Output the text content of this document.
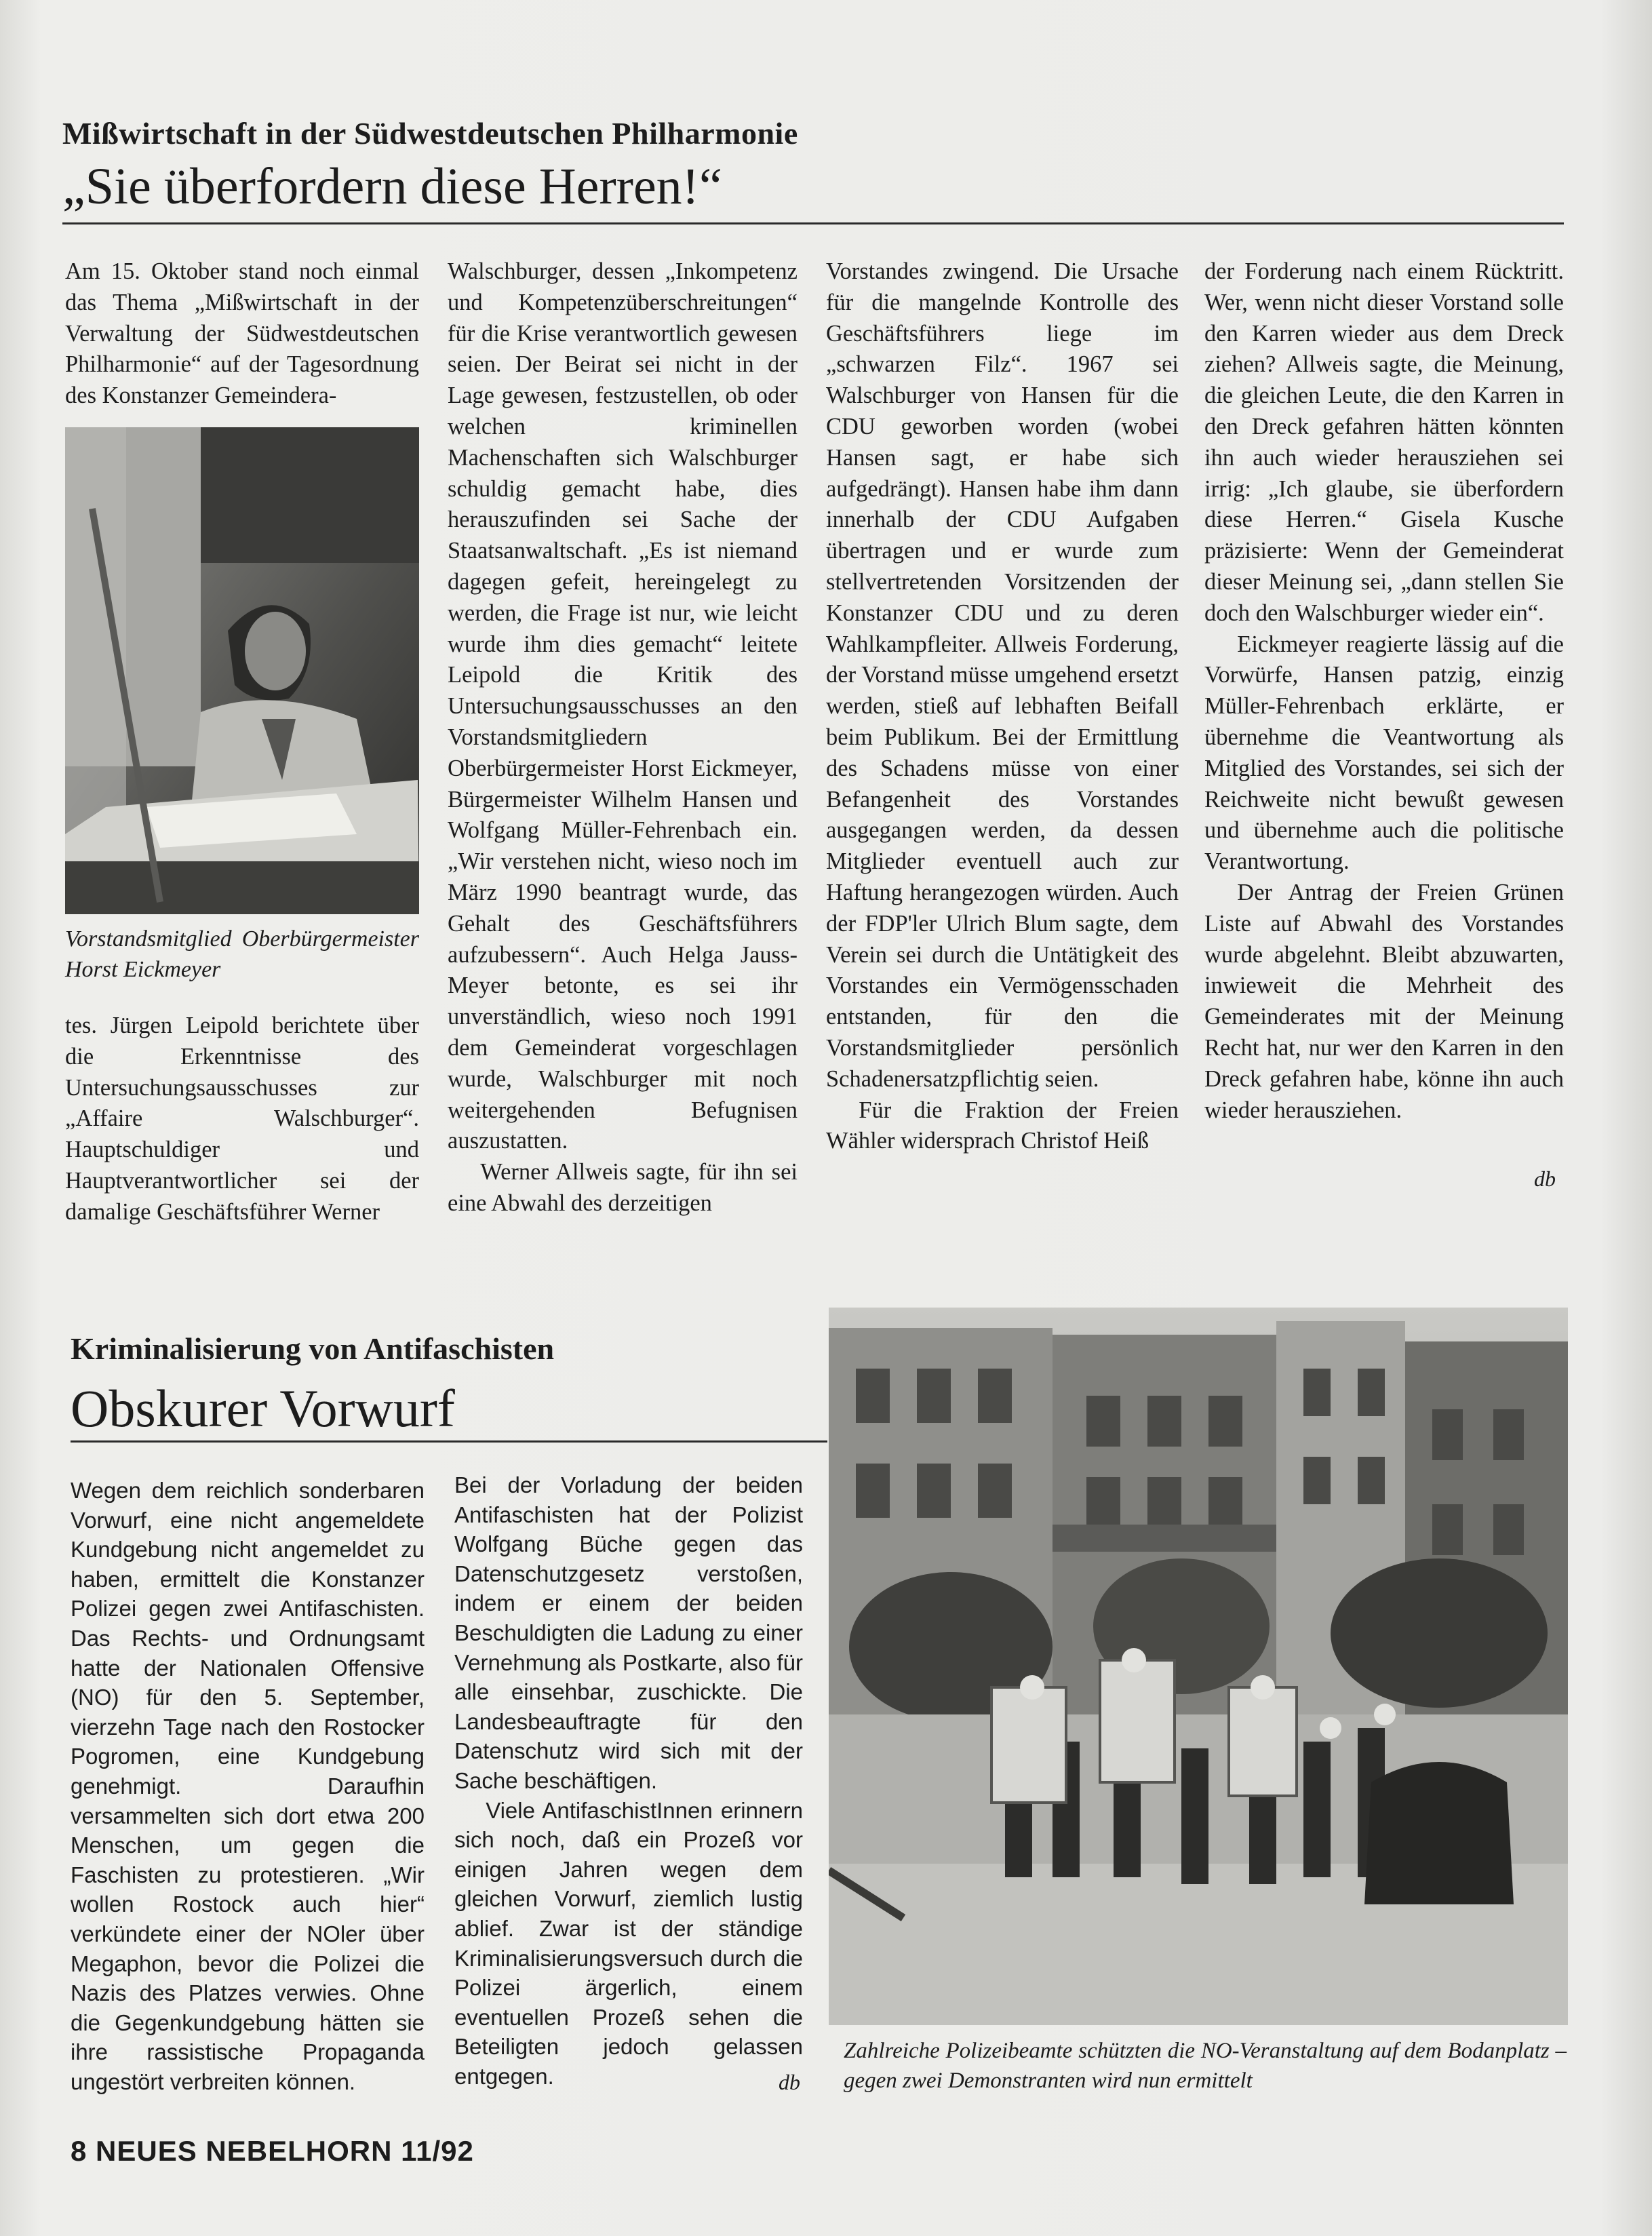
Mißwirtschaft in der Südwestdeutschen Philharmonie
„Sie überfordern diese Herren!“

Am 15. Oktober stand noch einmal das Thema „Mißwirtschaft in der Verwaltung der Südwestdeutschen Philharmonie“ auf der Tagesordnung des Konstanzer Gemeindera-

Vorstandsmitglied Oberbürgermeister Horst Eickmeyer

tes. Jürgen Leipold berichtete über die Erkenntnisse des Untersuchungsausschusses zur „Affaire Walschburger“. Hauptschuldiger und Hauptverantwortlicher sei der damalige Geschäftsführer Werner

Walschburger, dessen „Inkompetenz und Kompetenzüberschreitungen“ für die Krise verantwortlich gewesen seien. Der Beirat sei nicht in der Lage gewesen, festzustellen, ob oder welchen kriminellen Machenschaften sich Walschburger schuldig gemacht habe, dies herauszufinden sei Sache der Staatsanwaltschaft. „Es ist niemand dagegen gefeit, hereingelegt zu werden, die Frage ist nur, wie leicht wurde ihm dies gemacht“ leitete Leipold die Kritik des Untersuchungsausschusses an den Vorstandsmitgliedern Oberbürgermeister Horst Eickmeyer, Bürgermeister Wilhelm Hansen und Wolfgang Müller-Fehrenbach ein. „Wir verstehen nicht, wieso noch im März 1990 beantragt wurde, das Gehalt des Geschäftsführers aufzubessern“. Auch Helga Jauss-Meyer betonte, es sei ihr unverständlich, wieso noch 1991 dem Gemeinderat vorgeschlagen wurde, Walschburger mit noch weitergehenden Befugnisen auszustatten.

Werner Allweis sagte, für ihn sei eine Abwahl des derzeitigen

Vorstandes zwingend. Die Ursache für die mangelnde Kontrolle des Geschäftsführers liege im „schwarzen Filz“. 1967 sei Walschburger von Hansen für die CDU geworben worden (wobei Hansen sagt, er habe sich aufgedrängt). Hansen habe ihm dann innerhalb der CDU Aufgaben übertragen und er wurde zum stellvertretenden Vorsitzenden der Konstanzer CDU und zu deren Wahlkampfleiter. Allweis Forderung, der Vorstand müsse umgehend ersetzt werden, stieß auf lebhaften Beifall beim Publikum. Bei der Ermittlung des Schadens müsse von einer Befangenheit des Vorstandes ausgegangen werden, da dessen Mitglieder eventuell auch zur Haftung herangezogen würden. Auch der FDP'ler Ulrich Blum sagte, dem Verein sei durch die Untätigkeit des Vorstandes ein Vermögensschaden entstanden, für den die Vorstandsmitglieder persönlich Schadenersatzpflichtig seien.

Für die Fraktion der Freien Wähler widersprach Christof Heiß

der Forderung nach einem Rücktritt. Wer, wenn nicht dieser Vorstand solle den Karren wieder aus dem Dreck ziehen? Allweis sagte, die Meinung, die gleichen Leute, die den Karren in den Dreck gefahren hätten könnten ihn auch wieder herausziehen sei irrig: „Ich glaube, sie überfordern diese Herren.“ Gisela Kusche präzisierte: Wenn der Gemeinderat dieser Meinung sei, „dann stellen Sie doch den Walschburger wieder ein“.

Eickmeyer reagierte lässig auf die Vorwürfe, Hansen patzig, einzig Müller-Fehrenbach erklärte, er übernehme die Veantwortung als Mitglied des Vorstandes, sei sich der Reichweite nicht bewußt gewesen und übernehme auch die politische Verantwortung.

Der Antrag der Freien Grünen Liste auf Abwahl des Vorstandes wurde abgelehnt. Bleibt abzuwarten, inwieweit die Mehrheit des Gemeinderates mit der Meinung Recht hat, nur wer den Karren in den Dreck gefahren habe, könne ihn auch wieder herausziehen.

db
Kriminalisierung von Antifaschisten
Obskurer Vorwurf

Wegen dem reichlich sonderbaren Vorwurf, eine nicht angemeldete Kundgebung nicht angemeldet zu haben, ermittelt die Konstanzer Polizei gegen zwei Antifaschisten. Das Rechts- und Ordnungsamt hatte der Nationalen Offensive (NO) für den 5. September, vierzehn Tage nach den Rostocker Pogromen, eine Kundgebung genehmigt. Daraufhin versammelten sich dort etwa 200 Menschen, um gegen die Faschisten zu protestieren. „Wir wollen Rostock auch hier“ verkündete einer der NOler über Megaphon, bevor die Polizei die Nazis des Platzes verwies. Ohne die Gegenkundgebung hätten sie ihre rassistische Propaganda ungestört verbreiten können.

Bei der Vorladung der beiden Antifaschisten hat der Polizist Wolfgang Büche gegen das Datenschutzgesetz verstoßen, indem er einem der beiden Beschuldigten die Ladung zu einer Vernehmung als Postkarte, also für alle einsehbar, zuschickte. Die Landesbeauftragte für den Datenschutz wird sich mit der Sache beschäftigen.

Viele AntifaschistInnen erinnern sich noch, daß ein Prozeß vor einigen Jahren wegen dem gleichen Vorwurf, ziemlich lustig ablief. Zwar ist der ständige Kriminalisierungsversuch durch die Polizei ärgerlich, einem eventuellen Prozeß sehen die Beteiligten jedoch gelassen entgegen.	db
Zahlreiche Polizeibeamte schützten die NO-Veranstaltung auf dem Bodanplatz – gegen zwei Demonstranten wird nun ermittelt
8 NEUES NEBELHORN 11/92
